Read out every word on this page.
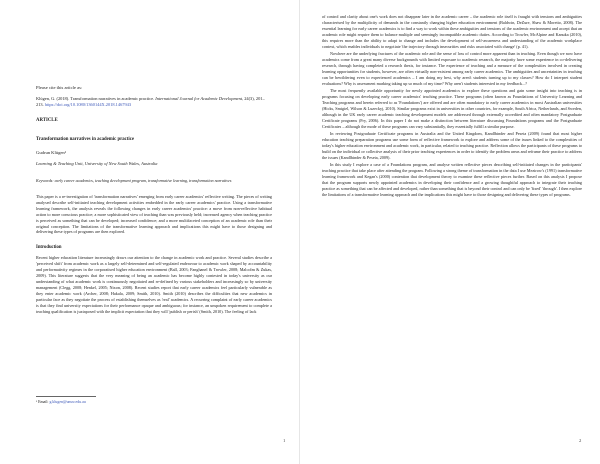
Please cite this article as:
Klügen, G. (2018). Transformation narratives in academic practice. International Journal for Academic Development, 24(3), 201–213. https://doi.org/10.1080/1360144X.2018.1467943
ARTICLE
Transformation narratives in academic practice
Gudrun Klügen¹
Learning & Teaching Unit, University of New South Wales, Australia
Keywords: early career academics, teaching development program, transformative learning, transformation narratives

This paper is a re-investigation of 'transformation narratives' emerging from early career academics' reflective writing. The pieces of writing analysed describe self-initiated teaching development activities embedded in the early career academics' practice. Using a transformative learning framework, the analysis reveals the following changes in early career academics' practice: a move from non-reflective habitual action to more conscious practice; a more sophisticated view of teaching than was previously held; increased agency when teaching practice is perceived as something that can be developed; increased confidence; and a more multifaceted conception of an academic role than their original conception. The limitations of the transformative learning approach and implications this might have to those designing and delivering these types of programs are then explored.

Introduction

Recent higher education literature increasingly draws our attention to the change in academic work and practice. Several studies describe a 'perceived shift' from academic work as a largely self-determined and self-regulated endeavour to academic work shaped by accountability and performativity regimes in the corporatised higher education environment (Ball, 2003; Fanghanel & Trowler, 2008; Malcolm & Zukas, 2009). This literature suggests that the very meaning of being an academic has become highly contested in today's university as our understanding of what academic work is continuously negotiated and re-defined by various stakeholders and increasingly so by university management (Clegg, 2008; Henkel, 2005; Nixon, 2008). Recent studies report that early career academics feel particularly vulnerable as they enter academic work (Archer, 2008; Hakala, 2009; Smith, 2010). Smith (2010) describes the difficulties that new academics in particular face as they negotiate the process of establishing themselves as 'real' academics. A recurring complaint of early career academics is that they find university expectations for their performance opaque and ambiguous; for instance, an unspoken requirement to complete a teaching qualification is juxtaposed with the implicit expectation that they will 'publish or perish' (Smith, 2010). The feeling of lack

¹ Email: g.klugen@unsw.edu.au
1

of control and clarity about one's work does not disappear later in the academic career – the academic role itself is fraught with tensions and ambiguities characterised by the multiplicity of demands in the constantly changing higher education environment (Baldwin, DeZure, Shaw & Moretto, 2008). The essential learning for early career academics is to find a way to work within these ambiguities and tensions of the academic environment and accept that an academic role might require them to balance multiple and seemingly incompatible academic duties. According to Trowler, McAlpine and Kanuka (2010), this requires more than the ability to adapt to change and includes the development of self-awareness and understanding of the academic workplace context, which enables individuals to negotiate 'the trajectory through insecurities and risks associated with change' (p. 41).

Nowhere are the underlying fractures of the academic role and the sense of loss of control more apparent than in teaching. Even though we now have academics come from a great many diverse backgrounds with limited exposure to academic research, the majority have some experience in co-delivering research, through having completed a research thesis, for instance. The experience of teaching and a measure of the complexities involved in creating learning opportunities for students, however, are often virtually non-existent among early career academics. The ambiguities and uncertainties in teaching can be bewildering even to experienced academics – I am doing my best, why aren't students turning up to my classes? How do I interpret student evaluations? Why is assessment marking taking up so much of my time? Why aren't students interested in my feedback...?

The most frequently available opportunity for newly appointed academics to explore these questions and gain some insight into teaching is in programs focusing on developing early career academics' teaching practice. These programs (often known as Foundations of University Learning and Teaching programs and herein referred to as 'Foundations') are offered and are often mandatory to early career academics in most Australian universities (Hicks, Smigiel, Wilson & Luzeckyj, 2010). Similar programs exist in universities in other countries, for example, South Africa, Netherlands, and Sweden, although in the UK early career academic teaching development models are addressed through externally accredited and often mandatory Postgraduate Certificate programs (Fry, 2006). In this paper I do not make a distinction between literature discussing Foundations programs and the Postgraduate Certificates – although the mode of these programs can vary substantially, they essentially fulfill a similar purpose.

In reviewing Postgraduate Certificate programs in Australia and the United Kingdom, Kandlbinder and Peseta (2009) found that most higher education teaching preparation programs use some form of reflective framework to explore and address some of the issues linked to the complexities of today's higher education environment and academic work, in particular, related to teaching practice. Reflection allows the participants of these programs to build on the individual or collective analysis of their prior teaching experiences in order to identify the problem areas and reframe their practice to address the issues (Kandlbinder & Peseta, 2009).

In this study I explore a case of a Foundations program, and analyse written reflective pieces describing self-initiated changes in the participants' teaching practice that take place after attending the program. Following a strong theme of transformation in the data I use Mezirow's (1991) transformative learning framework and Kegan's (2000) contention that development theory to examine these reflective pieces further. Based on this analysis I propose that the program supports newly appointed academics in developing their confidence and a growing thoughtful approach to integrate their teaching practice as something that can be affected and developed, rather than something that is beyond their control and can only be 'fixed' 'through'. I then explore the limitations of a transformative learning approach and the implications this might have to those designing and delivering these types of programs.

2
